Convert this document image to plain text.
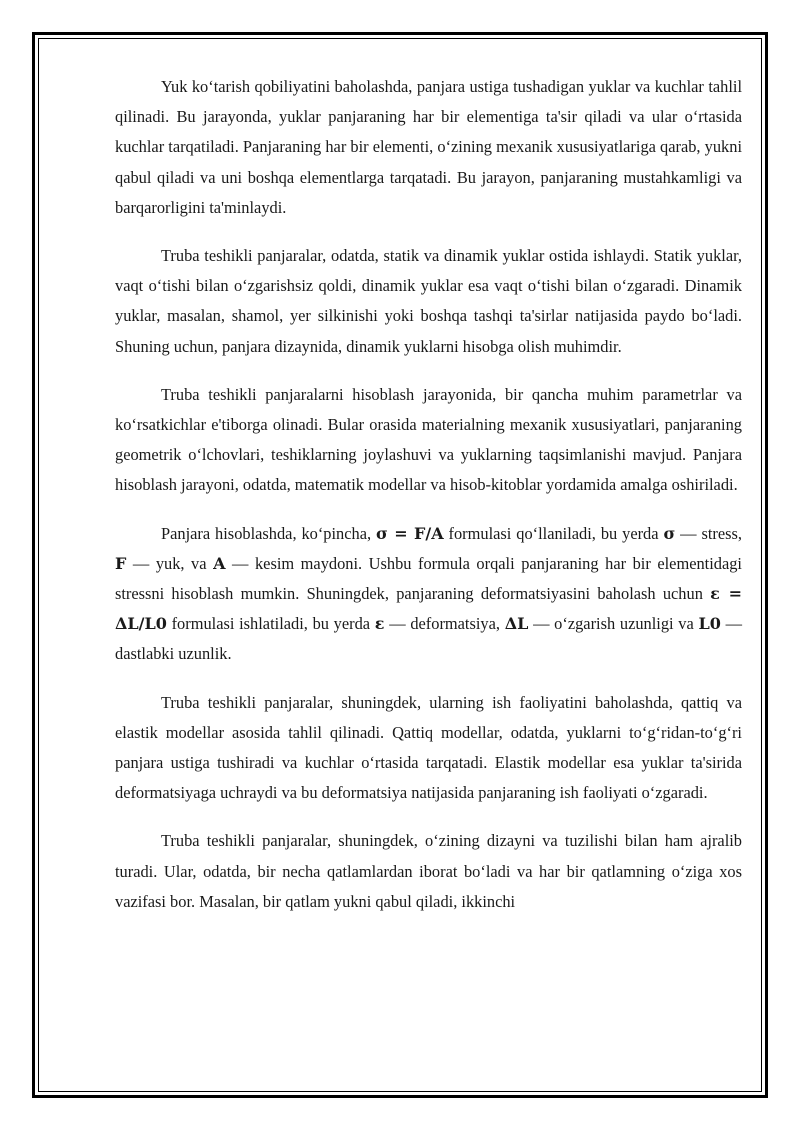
Yuk ko‘tarish qobiliyatini baholashda, panjara ustiga tushadigan yuklar va kuchlar tahlil qilinadi. Bu jarayonda, yuklar panjaraning har bir elementiga ta'sir qiladi va ular o‘rtasida kuchlar tarqatiladi. Panjaraning har bir elementi, o‘zining mexanik xususiyatlariga qarab, yukni qabul qiladi va uni boshqa elementlarga tarqatadi. Bu jarayon, panjaraning mustahkamligi va barqarorligini ta'minlaydi.

Truba teshikli panjaralar, odatda, statik va dinamik yuklar ostida ishlaydi. Statik yuklar, vaqt o‘tishi bilan o‘zgarishsiz qoldi, dinamik yuklar esa vaqt o‘tishi bilan o‘zgaradi. Dinamik yuklar, masalan, shamol, yer silkinishi yoki boshqa tashqi ta'sirlar natijasida paydo bo‘ladi. Shuning uchun, panjara dizaynida, dinamik yuklarni hisobga olish muhimdir.

Truba teshikli panjaralarni hisoblash jarayonida, bir qancha muhim parametrlar va ko‘rsatkichlar e'tiborga olinadi. Bular orasida materialning mexanik xususiyatlari, panjaraning geometrik o‘lchovlari, teshiklarning joylashuvi va yuklarning taqsimlanishi mavjud. Panjara hisoblash jarayoni, odatda, matematik modellar va hisob-kitoblar yordamida amalga oshiriladi.

Panjara hisoblashda, ko‘pincha, σ = F/A formulasi qo‘llaniladi, bu yerda σ — stress, F — yuk, va A — kesim maydoni. Ushbu formula orqali panjaraning har bir elementidagi stressni hisoblash mumkin. Shuningdek, panjaraning deformatsiyasini baholash uchun ε = ΔL/L0 formulasi ishlatiladi, bu yerda ε — deformatsiya, ΔL — o‘zgarish uzunligi va L0 — dastlabki uzunlik.

Truba teshikli panjaralar, shuningdek, ularning ish faoliyatini baholashda, qattiq va elastik modellar asosida tahlil qilinadi. Qattiq modellar, odatda, yuklarni to‘g‘ridan-to‘g‘ri panjara ustiga tushiradi va kuchlar o‘rtasida tarqatadi. Elastik modellar esa yuklar ta'sirida deformatsiyaga uchraydi va bu deformatsiya natijasida panjaraning ish faoliyati o‘zgaradi.

Truba teshikli panjaralar, shuningdek, o‘zining dizayni va tuzilishi bilan ham ajralib turadi. Ular, odatda, bir necha qatlamlardan iborat bo‘ladi va har bir qatlamning o‘ziga xos vazifasi bor. Masalan, bir qatlam yukni qabul qiladi, ikkinchi
